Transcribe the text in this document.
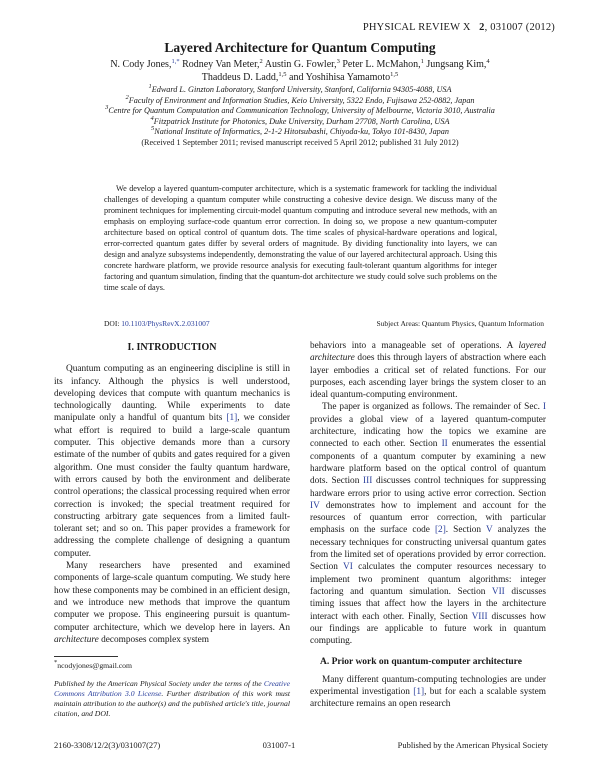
PHYSICAL REVIEW X 2, 031007 (2012)
Layered Architecture for Quantum Computing
N. Cody Jones,$^{1,*}$ Rodney Van Meter,$^2$ Austin G. Fowler,$^3$ Peter L. McMahon,$^1$ Jungsang Kim,$^4$
Thaddeus D. Ladd,$^{1,5}$ and Yoshihisa Yamamoto$^{1,5}$
$^1$Edward L. Ginzton Laboratory, Stanford University, Stanford, California 94305-4088, USA
$^2$Faculty of Environment and Information Studies, Keio University, 5322 Endo, Fujisawa 252-0882, Japan
$^3$Centre for Quantum Computation and Communication Technology, University of Melbourne, Victoria 3010, Australia
$^4$Fitzpatrick Institute for Photonics, Duke University, Durham 27708, North Carolina, USA
$^5$National Institute of Informatics, 2-1-2 Hitotsubashi, Chiyoda-ku, Tokyo 101-8430, Japan
(Received 1 September 2011; revised manuscript received 5 April 2012; published 31 July 2012)

We develop a layered quantum-computer architecture, which is a systematic framework for tackling the individual challenges of developing a quantum computer while constructing a cohesive device design. We discuss many of the prominent techniques for implementing circuit-model quantum computing and introduce several new methods, with an emphasis on employing surface-code quantum error correction. In doing so, we propose a new quantum-computer architecture based on optical control of quantum dots. The time scales of physical-hardware operations and logical, error-corrected quantum gates differ by several orders of magnitude. By dividing functionality into layers, we can design and analyze subsystems independently, demonstrating the value of our layered architectural approach. Using this concrete hardware platform, we provide resource analysis for executing fault-tolerant quantum algorithms for integer factoring and quantum simulation, finding that the quantum-dot architecture we study could solve such problems on the time scale of days.

DOI: 10.1103/PhysRevX.2.031007	Subject Areas: Quantum Physics, Quantum Information
I. INTRODUCTION

Quantum computing as an engineering discipline is still in its infancy. Although the physics is well understood, developing devices that compute with quantum mechanics is technologically daunting. While experiments to date manipulate only a handful of quantum bits [1], we consider what effort is required to build a large-scale quantum computer. This objective demands more than a cursory estimate of the number of qubits and gates required for a given algorithm. One must consider the faulty quantum hardware, with errors caused by both the environment and deliberate control operations; the classical processing required when error correction is invoked; the special treatment required for constructing arbitrary gate sequences from a limited fault-tolerant set; and so on. This paper provides a framework for addressing the complete challenge of designing a quantum computer.

Many researchers have presented and examined components of large-scale quantum computing. We study here how these components may be combined in an efficient design, and we introduce new methods that improve the quantum computer we propose. This engineering pursuit is quantum-computer architecture, which we develop here in layers. An architecture decomposes complex system

*ncodyjones@gmail.com
Published by the American Physical Society under the terms of the Creative Commons Attribution 3.0 License. Further distribution of this work must maintain attribution to the author(s) and the published article's title, journal citation, and DOI.

behaviors into a manageable set of operations. A layered architecture does this through layers of abstraction where each layer embodies a critical set of related functions. For our purposes, each ascending layer brings the system closer to an ideal quantum-computing environment.

The paper is organized as follows. The remainder of Sec. I provides a global view of a layered quantum-computer architecture, indicating how the topics we examine are connected to each other. Section II enumerates the essential components of a quantum computer by examining a new hardware platform based on the optical control of quantum dots. Section III discusses control techniques for suppressing hardware errors prior to using active error correction. Section IV demonstrates how to implement and account for the resources of quantum error correction, with particular emphasis on the surface code [2]. Section V analyzes the necessary techniques for constructing universal quantum gates from the limited set of operations provided by error correction. Section VI calculates the computer resources necessary to implement two prominent quantum algorithms: integer factoring and quantum simulation. Section VII discusses timing issues that affect how the layers in the architecture interact with each other. Finally, Section VIII discusses how our findings are applicable to future work in quantum computing.

A. Prior work on quantum-computer architecture

Many different quantum-computing technologies are under experimental investigation [1], but for each a scalable system architecture remains an open research

2160-3308/12/2(3)/031007(27)	031007-1	Published by the American Physical Society
